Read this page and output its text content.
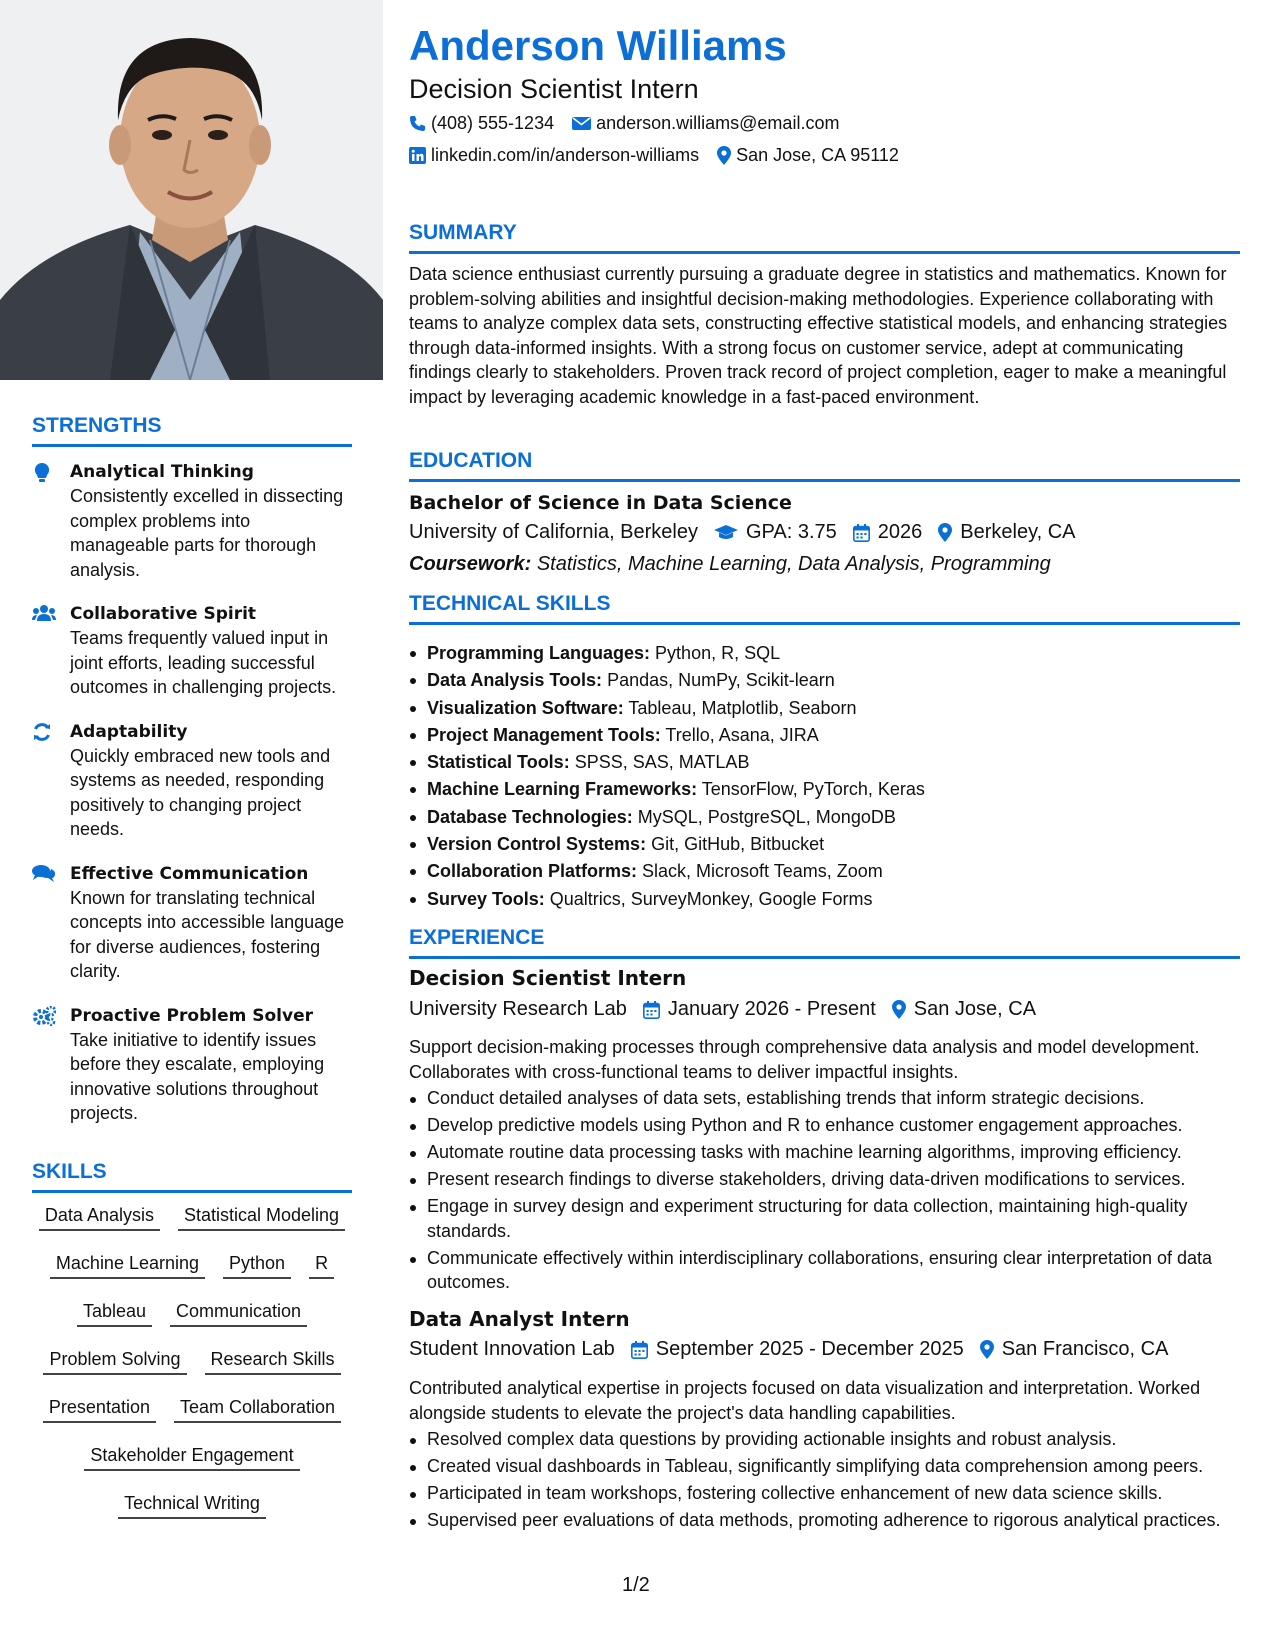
STRENGTHS
Analytical Thinking
Consistently excelled in dissecting complex problems into manageable parts for thorough analysis.
Collaborative Spirit
Teams frequently valued input in joint efforts, leading successful outcomes in challenging projects.
Adaptability
Quickly embraced new tools and systems as needed, responding positively to changing project needs.
Effective Communication
Known for translating technical concepts into accessible language for diverse audiences, fostering clarity.
Proactive Problem Solver
Take initiative to identify issues before they escalate, employing innovative solutions throughout projects.
SKILLS
Data Analysis	Statistical Modeling
Machine Learning	Python	R
Tableau	Communication
Problem Solving	Research Skills
Presentation	Team Collaboration
Stakeholder Engagement
Technical Writing
Anderson Williams
Decision Scientist Intern
(408) 555-1234 anderson.williams@email.com
linkedin.com/in/anderson-williams San Jose, CA 95112
SUMMARY
Data science enthusiast currently pursuing a graduate degree in statistics and mathematics. Known for problem-solving abilities and insightful decision-making methodologies. Experience collaborating with teams to analyze complex data sets, constructing effective statistical models, and enhancing strategies through data-informed insights. With a strong focus on customer service, adept at communicating findings clearly to stakeholders. Proven track record of project completion, eager to make a meaningful impact by leveraging academic knowledge in a fast-paced environment.
EDUCATION
Bachelor of Science in Data Science
University of California, Berkeley GPA: 3.75 2026 Berkeley, CA
Coursework: Statistics, Machine Learning, Data Analysis, Programming
TECHNICAL SKILLS
Programming Languages: Python, R, SQL
Data Analysis Tools: Pandas, NumPy, Scikit-learn
Visualization Software: Tableau, Matplotlib, Seaborn
Project Management Tools: Trello, Asana, JIRA
Statistical Tools: SPSS, SAS, MATLAB
Machine Learning Frameworks: TensorFlow, PyTorch, Keras
Database Technologies: MySQL, PostgreSQL, MongoDB
Version Control Systems: Git, GitHub, Bitbucket
Collaboration Platforms: Slack, Microsoft Teams, Zoom
Survey Tools: Qualtrics, SurveyMonkey, Google Forms
EXPERIENCE
Decision Scientist Intern
University Research Lab January 2026 - Present San Jose, CA
Support decision-making processes through comprehensive data analysis and model development. Collaborates with cross-functional teams to deliver impactful insights.
Conduct detailed analyses of data sets, establishing trends that inform strategic decisions.
Develop predictive models using Python and R to enhance customer engagement approaches.
Automate routine data processing tasks with machine learning algorithms, improving efficiency.
Present research findings to diverse stakeholders, driving data-driven modifications to services.
Engage in survey design and experiment structuring for data collection, maintaining high-quality standards.
Communicate effectively within interdisciplinary collaborations, ensuring clear interpretation of data outcomes.
Data Analyst Intern
Student Innovation Lab September 2025 - December 2025 San Francisco, CA
Contributed analytical expertise in projects focused on data visualization and interpretation. Worked alongside students to elevate the project's data handling capabilities.
Resolved complex data questions by providing actionable insights and robust analysis.
Created visual dashboards in Tableau, significantly simplifying data comprehension among peers.
Participated in team workshops, fostering collective enhancement of new data science skills.
Supervised peer evaluations of data methods, promoting adherence to rigorous analytical practices.
1/2
